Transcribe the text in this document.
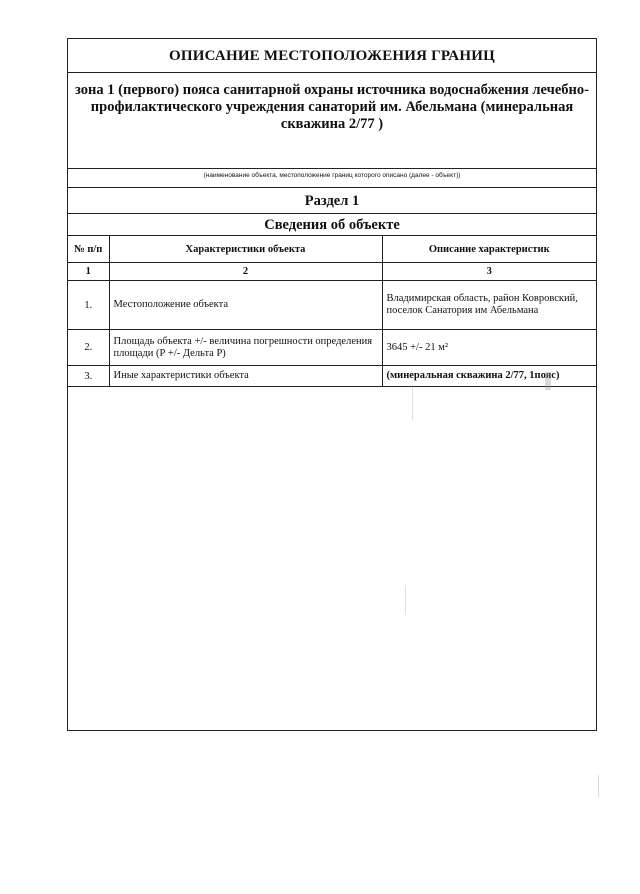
ОПИСАНИЕ МЕСТОПОЛОЖЕНИЯ ГРАНИЦ
зона 1 (первого) пояса санитарной охраны источника водоснабжения лечебно-профилактического учреждения санаторий им. Абельмана (минеральная скважина 2/77 )
(наименование объекта, местоположение границ которого описано (далее - объект))
Раздел 1
Сведения об объекте
№ п/п	Характеристики объекта	Описание характеристик
1	2	3
1.	Местоположение объекта	Владимирская область, район Ковровский, поселок Санатория им Абельмана
2.	Площадь объекта +/- величина погрешности определения площади (Р +/- Дельта Р)	3645 +/- 21 м²
3.	Иные характеристики объекта	(минеральная скважина 2/77, 1пояс)
